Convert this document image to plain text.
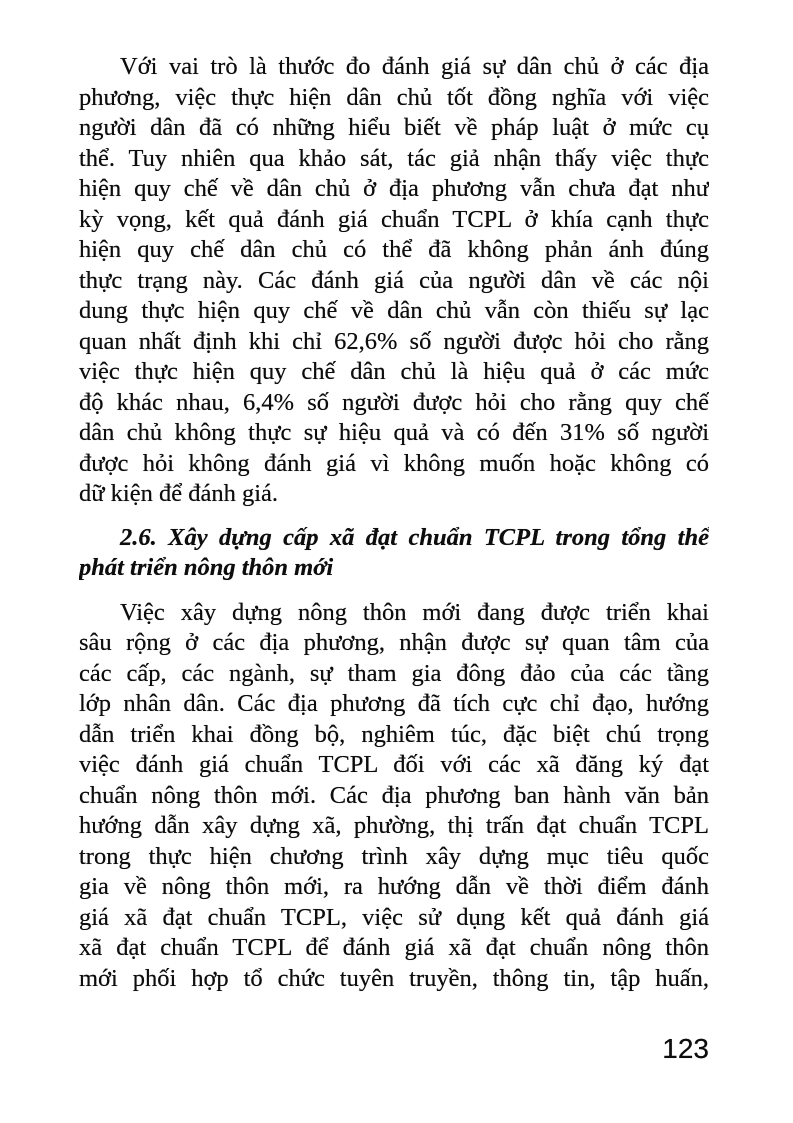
Với vai trò là thước đo đánh giá sự dân chủ ở các địa
phương, việc thực hiện dân chủ tốt đồng nghĩa với việc
người dân đã có những hiểu biết về pháp luật ở mức cụ
thể. Tuy nhiên qua khảo sát, tác giả nhận thấy việc thực
hiện quy chế về dân chủ ở địa phương vẫn chưa đạt như
kỳ vọng, kết quả đánh giá chuẩn TCPL ở khía cạnh thực
hiện quy chế dân chủ có thể đã không phản ánh đúng
thực trạng này. Các đánh giá của người dân về các nội
dung thực hiện quy chế về dân chủ vẫn còn thiếu sự lạc
quan nhất định khi chỉ 62,6% số người được hỏi cho rằng
việc thực hiện quy chế dân chủ là hiệu quả ở các mức
độ khác nhau, 6,4% số người được hỏi cho rằng quy chế
dân chủ không thực sự hiệu quả và có đến 31% số người
được hỏi không đánh giá vì không muốn hoặc không có
dữ kiện để đánh giá.
2.6. Xây dựng cấp xã đạt chuẩn TCPL trong tổng thể
phát triển nông thôn mới
Việc xây dựng nông thôn mới đang được triển khai
sâu rộng ở các địa phương, nhận được sự quan tâm của
các cấp, các ngành, sự tham gia đông đảo của các tầng
lớp nhân dân. Các địa phương đã tích cực chỉ đạo, hướng
dẫn triển khai đồng bộ, nghiêm túc, đặc biệt chú trọng
việc đánh giá chuẩn TCPL đối với các xã đăng ký đạt
chuẩn nông thôn mới. Các địa phương ban hành văn bản
hướng dẫn xây dựng xã, phường, thị trấn đạt chuẩn TCPL
trong thực hiện chương trình xây dựng mục tiêu quốc
gia về nông thôn mới, ra hướng dẫn về thời điểm đánh
giá xã đạt chuẩn TCPL, việc sử dụng kết quả đánh giá
xã đạt chuẩn TCPL để đánh giá xã đạt chuẩn nông thôn
mới phối hợp tổ chức tuyên truyền, thông tin, tập huấn,
123
